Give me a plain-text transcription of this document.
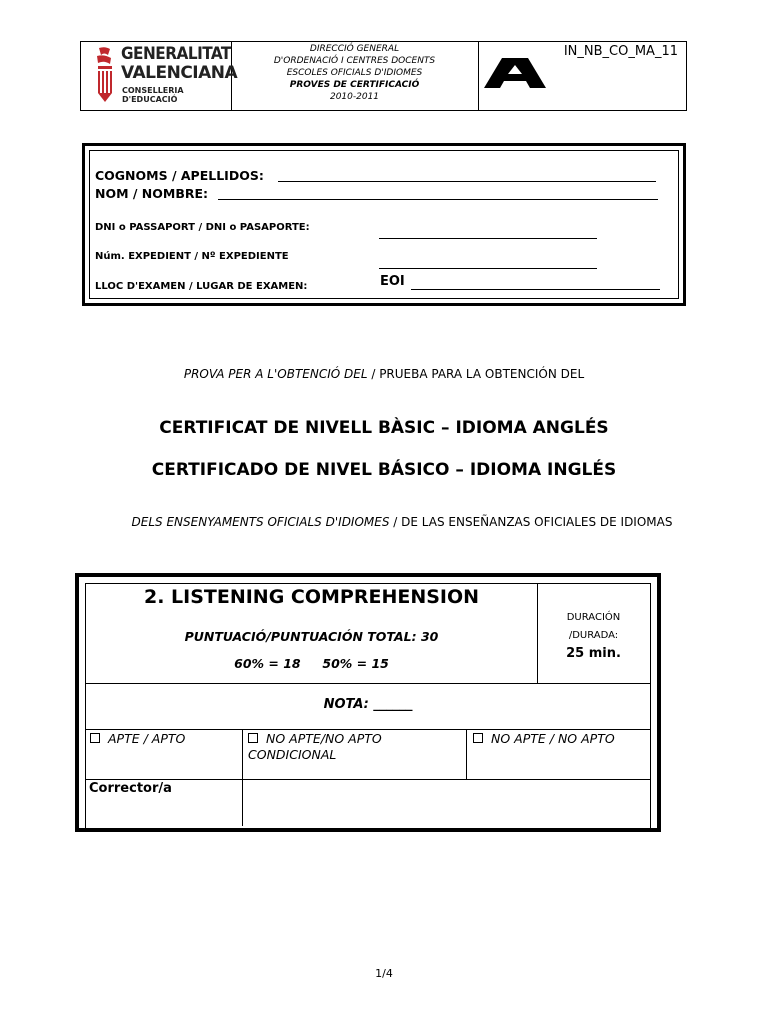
GENERALITAT
VALENCIANA
CONSELLERIA D'EDUCACIÓ
DIRECCIÓ GENERAL
D'ORDENACIÓ I CENTRES DOCENTS
ESCOLES OFICIALS D'IDIOMES
PROVES DE CERTIFICACIÓ
2010-2011
IN_NB_CO_MA_11
COGNOMS / APELLIDOS:
NOM / NOMBRE:
DNI o PASSAPORT / DNI o PASAPORTE:
Núm. EXPEDIENT / Nº EXPEDIENTE
LLOC D'EXAMEN / LUGAR DE EXAMEN:	EOI
PROVA PER A L'OBTENCIÓ DEL / PRUEBA PARA LA OBTENCIÓN DEL
CERTIFICAT DE NIVELL BÀSIC – IDIOMA ANGLÉS
CERTIFICADO DE NIVEL BÁSICO – IDIOMA INGLÉS
DELS ENSENYAMENTS OFICIALS D'IDIOMES / DE LAS ENSEÑANZAS OFICIALES DE IDIOMAS
2. LISTENING COMPREHENSION
PUNTUACIÓ/PUNTUACIÓN TOTAL: 30
60% = 18     50% = 15
DURACIÓN
/DURADA:
25 min.
NOTA: ______
APTE / APTO	NO APTE/NO APTO
CONDICIONAL
NO APTE / NO APTO
Corrector/a
1/4
